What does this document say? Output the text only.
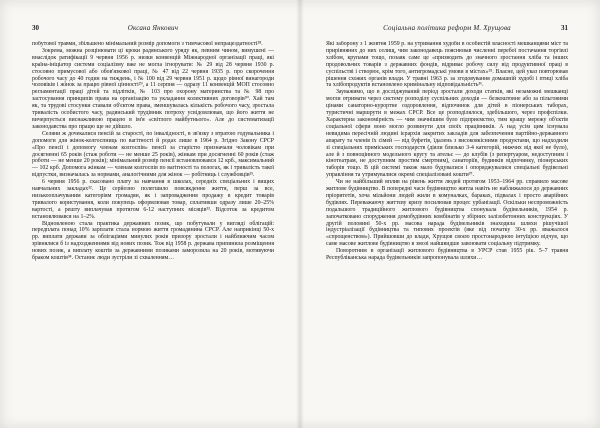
30	Оксана Янкович

побутової травми, збільшено мінімальний розмір допомоги з тимчасової непрацездатності²⁸.

Зокрема, можна розцінювати ці кроки радянського уряду як, певним чином, вимушені — внаслідок ратифікації 9 червня 1956 р. низки конвенцій Міжнародної організації праці, які країна-ініціатор системи соціалізму вже не могла ігнорувати: № 29 від 28 червня 1930 р. стосовно примусової або обов'язкової праці, № 47 від 22 червня 1935 р. про скорочення робочого часу до 40 годин на тиждень, і № 100 від 29 червня 1951 р. щодо рівної винагороди чоловіків і жінок за працю рівної цінності²⁹, а 11 серпня — одразу 11 конвенцій МОП стосовно регламентації праці дітей та підлітків, № 103 про охорону материнства та № 98 про застосування принципів права на організацію та укладання колективних договорів³⁰. Хай там як, та трудові стосунки ставали об'єктом права, зменшувалась кількість робочого часу, зростала тривалість особистого часу, радянський трудівник потроху усвідомлював, що його життя не вичерпується виснажливою працею в ім'я «світлого майбутнього». Але до систематизації законодавства про працю ще не дійшло.

Селяни ж дочекалися пенсій за старості, по інвалідності, в зв'язку з втратою годувальника і допомоги для жінок-колгоспниць по вагітності й родах лише в 1964 р. Згідно Закону СРСР «Про пенсії і допомогу членам колгоспів» пенсії за старістю призначали чоловікам при досягненні 65 років (стаж роботи — не менше 25 років), жінкам при досягненні 60 років (стаж роботи — не менше 20 років); мінімальний розмір пенсії встановлювався 12 крб., максимальний — 102 крб. Допомога жінкам — членам колгоспів по вагітності та пологах, як і тривалість такої відпустки, визначалась за нормами, аналогічними для жінок — робітниць і службовців³¹.

6 червня 1956 р. скасовано плату за навчання в школах, середніх спеціальних і вищих навчальних закладах³². Це серйозно полегшило повсякденне життя, перш за все, низькооплачуваним категоріям громадян, як і запровадження продажу в кредит товарів тривалого користування, коли покупець оформлював товар, сплативши одразу лише 20–25% вартості, а решту виплачував протягом 6-12 наступних місяців³³. Відсоток за кредитом встановлювався на 1–2%.

Відновленою стала практика державних позик, що побутували у вигляді облігацій: передплата понад 10% зарплати стала нормою життя громадянина СРСР. Але наприкінці 50-х рр. виплати держави за облігаціями минулих років призору зростали і найближчим часом зрівнялися б із надходженнями від нових позик. Тож від 1958 р. держава припинила розміщення нових позик, а виплату коштів за державними позиками заморозила на 20 років, мотивуючи браком коштів³⁴. Останнє люди зустріли зі схваленням…

Соціальна політика реформ М. Хрущова	31

Які заборону з 1 жовтня 1959 р. на утримання худоби в особистій власності мешканцями міст та прирівняних до них селищ, чим законодавець пояснював численні перебої постачання торгівлі хлібом, крупами тощо, позаяк саме це «призводить до значного зростання хліба та інших продовольчих товарів з державних фондів, відриває робочу силу від продуктивної праці в суспільстві і створює, крім того, антигромадські умови в містах»³⁵. Власне, цей указ повторював рішення схожих органів влади. У травні 1963 р. за згодовування домашній худобі і птиці хліба та хлібопродуктів встановлено кримінальну відповідальність³⁶.

Зауважимо, що в досліджуваний період зростали доходи статків, які незаможні мешканці могли отримати через систему розподілу суспільних доходів — безкоштовне або за пільговими цінами санаторно-курортне оздоровлення, відпочинок для дітей в піонерських таборах, туристичні маршрути в межах СРСР. Все це розподілялося, здебільшого, через профспілки. Характерна закономірність — чим значнішим було підприємство, тим кращу мережу об'єктів соціальної сфери воно могло розвинути для своїх працівників. А над усім цим існувала невидима пересічній людині ієрархія закритих закладів для забезпечення партійно-державного апарату та членів їх сімей — від буфетів, їдалень з високоякісними продуктами, що надходили зі спеціальних приміських господарств (діяли близько 3-4 категорій, нижчих від якої не було), але й з повноцінного модельного кругу та ательє — до клубів (з репертуаром, недоступним і кінотеатрам, не доступним простим смертним), санаторіїв, будинків відпочинку, піонерських таборів тощо. В цій системі також мало будувалися і опоряджувалися спеціальні будівельні управління та утримувалися окремі спеціалізовані кошти³⁷.

Чи не найбільший вплив на рівень життя людей протягом 1953–1964 рр. справило масове житлове будівництво. В попередні часи будівництво житла навіть не наближалося до державних пріоритетів, хоча мільйони людей жили в комуналках, бараках, підвалах і просто аварійних будівлях. Переважаючу життєву кризу посилював процес урбанізації. Оскільки неспроможність подальшого традиційного житлового будівництва спонукала будівельників, 1954 р. започатковано спорудження домобудівних комбінатів у збірних залізобетонних конструкціях. У другій половині 50-х рр. масова нарада будівельників знаходила шляхи рішучішої індустріалізації будівництва та типових проектів (яке від початку 30-х рр. вважалося «спрощенством»). Прийшовши до влади, Хрущов своєю простонародною інтуїцією відчув, що саме масове житлове будівництво в змозі найшвидше завоювати соціальну підтримку.

Поворотним в організації житлового будівництва в УРСР став 1955 рік. 5–7 травня Республіканська нарада будівельників запропонувала шляхи…
